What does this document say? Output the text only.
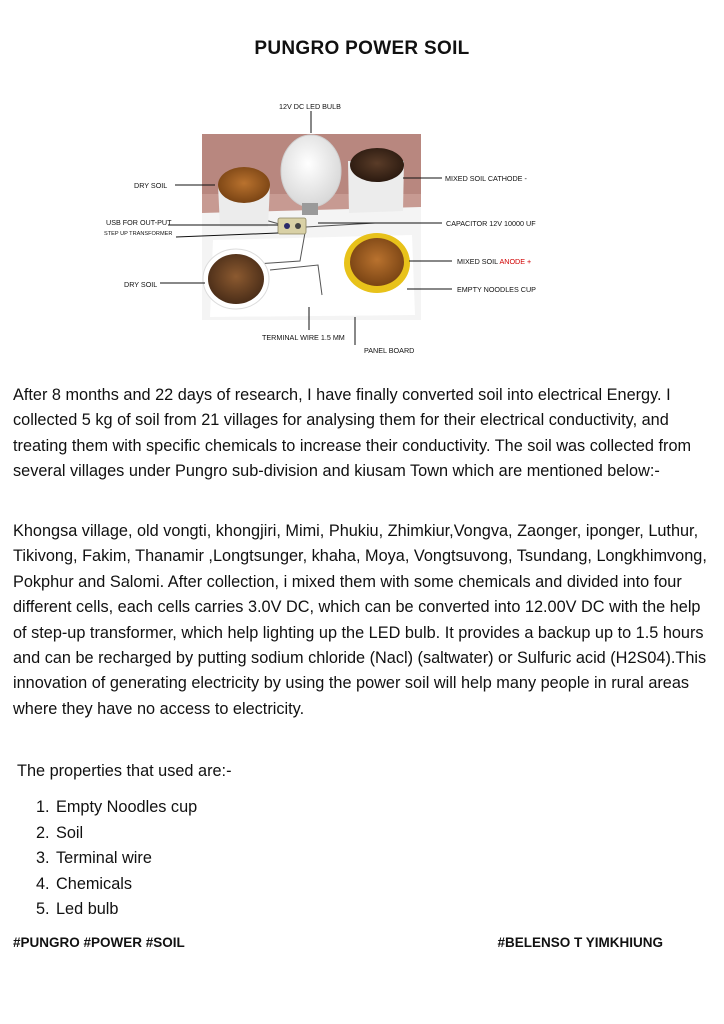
PUNGRO POWER SOIL
12V DC LED BULB
DRY SOIL
USB FOR OUT-PUT
STEP UP TRANSFORMER
DRY SOIL
TERMINAL WIRE 1.5 MM
PANEL BOARD
MIXED SOIL CATHODE -
CAPACITOR 12V 10000 UF
MIXED SOIL ANODE +
EMPTY NOODLES CUP
After 8 months and 22 days of research, I have finally converted soil into electrical Energy. I collected 5 kg of soil from 21 villages for analysing them for their electrical conductivity, and treating them with specific chemicals to increase their conductivity. The soil was collected from several villages under Pungro sub-division and kiusam Town which are mentioned below:-
Khongsa village, old vongti, khongjiri, Mimi, Phukiu, Zhimkiur,Vongva, Zaonger, iponger, Luthur, Tikivong, Fakim, Thanamir ,Longtsunger, khaha, Moya, Vongtsuvong, Tsundang, Longkhimvong, Pokphur and Salomi. After collection, i mixed them with some chemicals and divided into four different cells, each cells carries 3.0V DC, which can be converted into 12.00V DC with the help of step-up transformer, which help lighting up the LED bulb. It provides a backup up to 1.5 hours and can be recharged by putting sodium chloride (Nacl) (saltwater) or Sulfuric acid (H2S04).This innovation of generating electricity by using the power soil will help many people in rural areas where they have no access to electricity.
The properties that used are:-
1. Empty Noodles cup
2. Soil
3. Terminal wire
4. Chemicals
5. Led bulb
#PUNGRO #POWER #SOIL	#BELENSO T YIMKHIUNG
